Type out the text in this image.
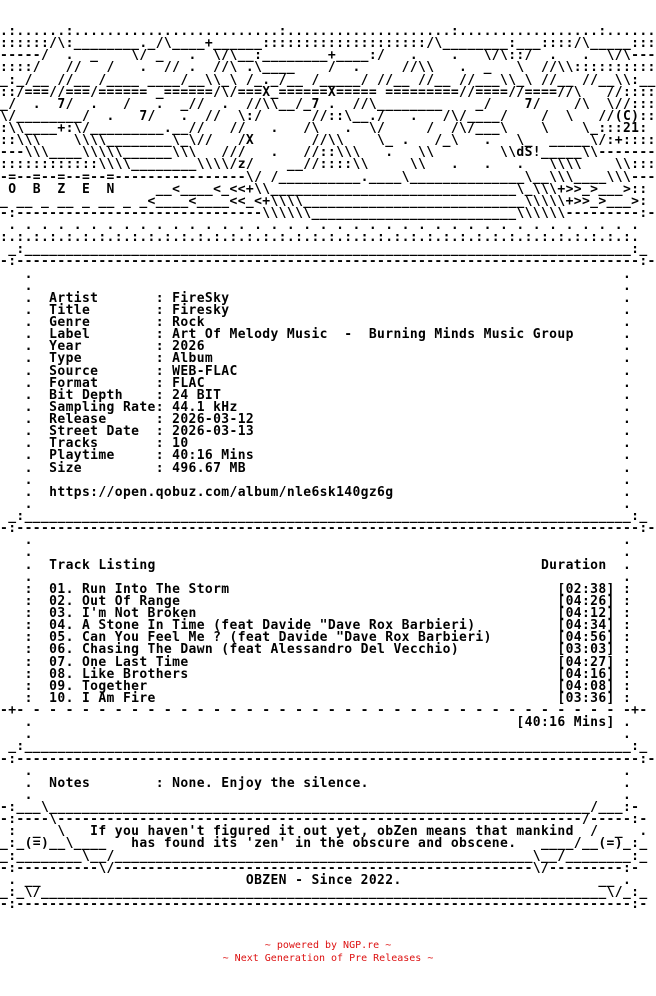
.:......:.........................:....................:.................:......
::::::/\:________._/\____+______::::::::::::::::::::/\________:___::::/\_____:::
-----/  .  _    \/ _   .  \/\__:________+____:/   .    .   \/\::/  .   .  \/\---
::::/   //   /   .  // .  //\ .\____    /  .     //\\   .  _   \  //\\::::::::::
_:_/__ //__ /____ ____/__\\_\ /_._/__ /_____/ //__ //__ //___\\_\ //__ //__\\:__
::/===//===/====== _======/\/===X_======X===== =========//====//====//\   //::::
_/  .  7/  .   /   .  _//  .  //\\__/_7 .  //\________    _/    7/    /\  \//:::
\/________/  .   7/   .  //  \:/      //::\__./   .   /\/____/    /  \   //(C)::
:\\____+:\/_________.__//   //   .   /\   .  \/     /  /\/___\    \    \_:::21:
::\\\    \\\\________\_\//   /X       //\\    \_ .   /_\   .   \_  _____\/:+::::
---\\\____\\\\\______\\\   ///   .   //::\\\   .   \\        \\dS!_____\\-------
::::::::::::\\\\________\\\\/z/    __//::::\\     \\   .   .   .   \\\\    \\:::
-=--=--=--=--=----------------\/ /__________.____\______________\__\\\____\\\---
O  B  Z  E  N     __<____<_<<+\\______________________________\_\\\+>>_>___>::
_ __ _ __ _ __ _ _<____<____<<_<+\\\\___________________________\\\\\+>>_>___>:
-:------------------------------\\\\\\_________________________\\\\\\---------:-
. . . . . . . . . . . . . . . . . . . . . . . . . . . . . . . . . . . . . . .
:.:.:.:.:.:.:.:.:.:.:.:.:.:.:.:.:.:.:.:.:.:.:.:.:.:.:.:.:.:.:.:.:.:.:.:.:.:.:.
_:__________________________________________________________________________:_
-:----------------------------------------------------------------------------:-
.                                                                        .
.                                                                        .
.  Artist       : FireSky                                                .
.  Title        : Firesky                                                .
.  Genre        : Rock                                                   .
.  Label        : Art Of Melody Music  -  Burning Minds Music Group      .
.  Year         : 2026                                                   .
.  Type         : Album                                                  .
.  Source       : WEB-FLAC                                               .
.  Format       : FLAC                                                   .
.  Bit Depth    : 24 BIT                                                 .
.  Sampling Rate: 44.1 kHz                                               .
.  Release      : 2026-03-12                                             .
.  Street Date  : 2026-03-13                                             .
.  Tracks       : 10                                                     .
.  Playtime     : 40:16 Mins                                             .
.  Size         : 496.67 MB                                              .
.                                                                        .
.  https://open.qobuz.com/album/nle6sk140gz6g                            .
.                                                                        .
_:__________________________________________________________________________:_
-:----------------------------------------------------------------------------:-
.                                                                        .
.                                                                        .
.  Track Listing                                               Duration  .
.                                                                        .
:  01. Run Into The Storm                                        [02:38] :
:  02. Out Of Range                                              [04:26] :
:  03. I'm Not Broken                                            [04:12] :
:  04. A Stone In Time (feat Davide "Dave Rox Barbieri)          [04:34] :
:  05. Can You Feel Me ? (feat Davide "Dave Rox Barbieri)        [04:56] :
:  06. Chasing The Dawn (feat Alessandro Del Vecchio)            [03:03] :
:  07. One Last Time                                             [04:27] :
:  08. Like Brothers                                             [04:16] :
:  09. Together                                                  [04:08] :
:  10. I Am Fire                                                 [03:36] :
-+- - - - - - - - - - - - - - - - - - - - - - - - - - - - - - - - - - - - - -+-
.                                                           [40:16 Mins] .
.                                                                        .
_:__________________________________________________________________________:_
-:----------------------------------------------------------------------------:-
.                                                                        .
.  Notes        : None. Enjoy the silence.                               .
.                                                                        .
-:___\__________________________________________________________________/___:-
-:----\----------------------------------------------------------------/-----:-
:  _  \   If you haven't figured it out yet, obZen means that mankind  /  _  .
_:_(=)__\____   has found its 'zen' in the obscure and obscene.   ____/__(=)_:_
_:________\__/___________________________________________________\__/________:_
-:----------\/---------------------------------------------------\/---------:-
. __                         OBZEN - Since 2022.                        __ .
_:_\/_____________________________________________________________________\/_:_
-:---------------------------------------------------------------------------:-
~ powered by NGP.re ~
~ Next Generation of Pre Releases ~
